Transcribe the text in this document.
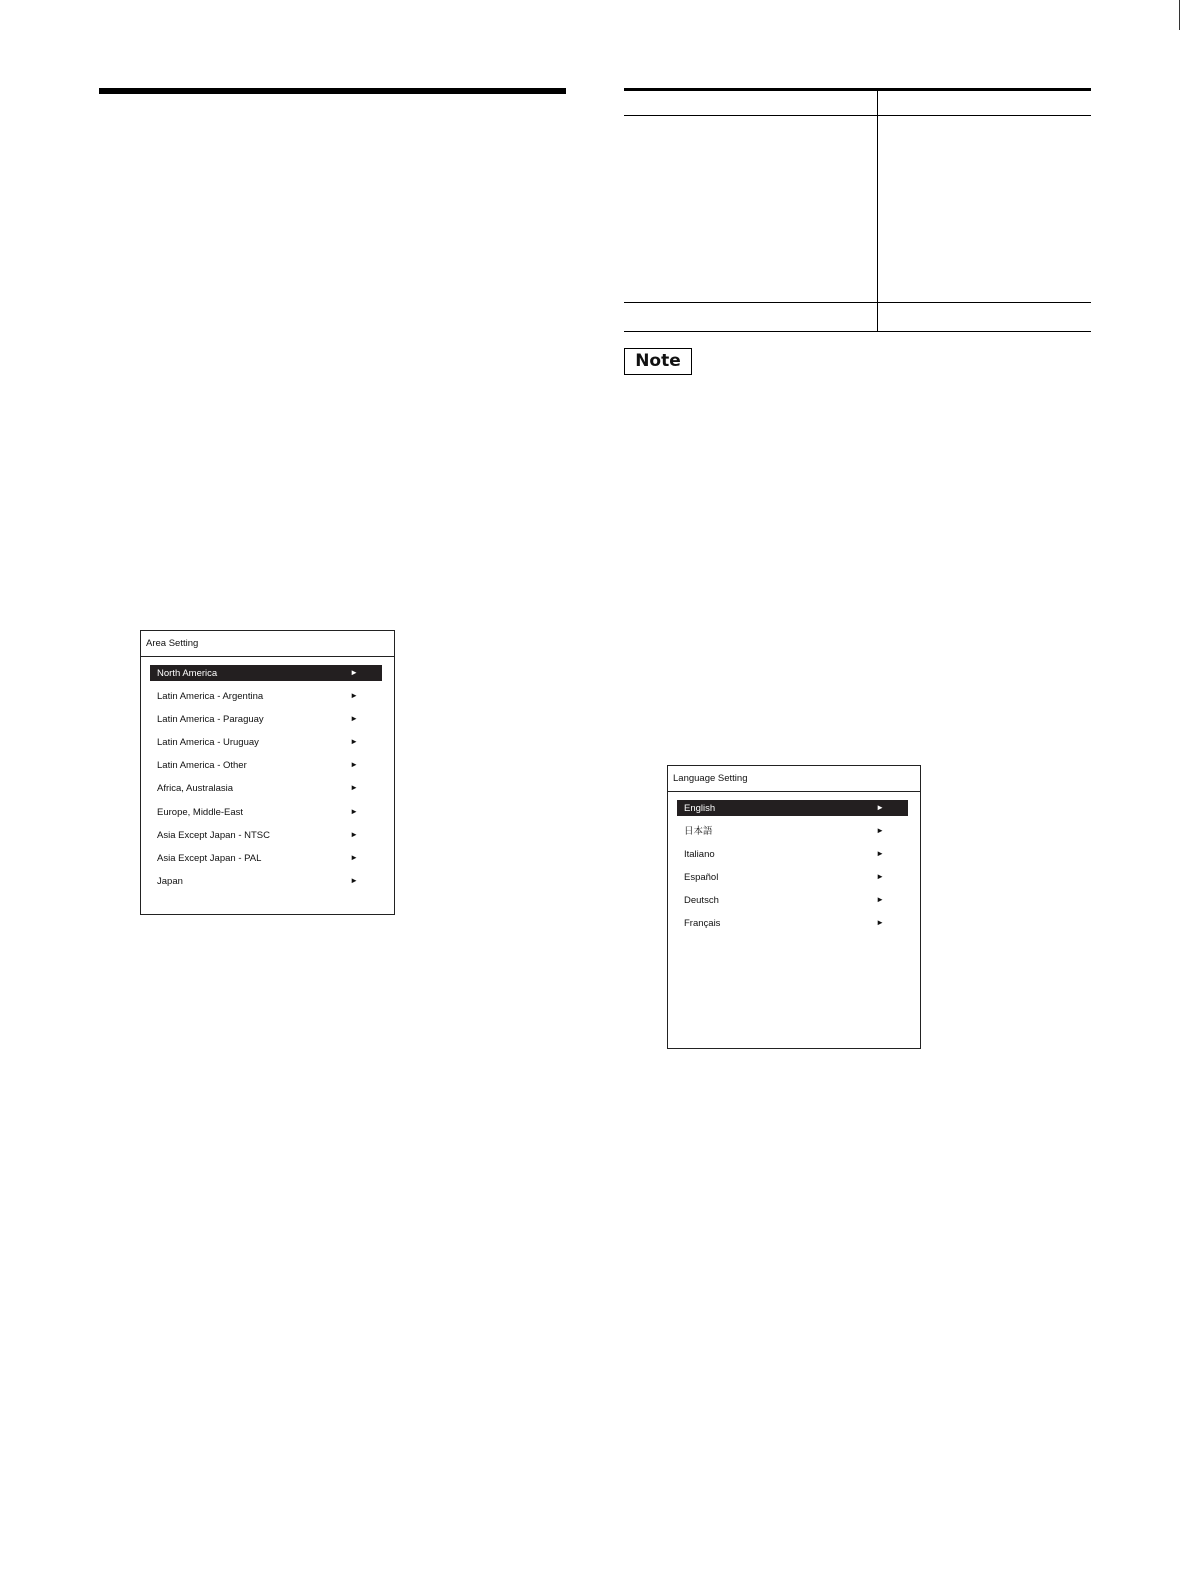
Note
Area Setting
North America	►
Latin America - Argentina	►
Latin America - Paraguay	►
Latin America - Uruguay	►
Latin America - Other	►
Africa, Australasia	►
Europe, Middle-East	►
Asia Except Japan - NTSC	►
Asia Except Japan - PAL	►
Japan	►
Language Setting
English	►
日本語	►
Italiano	►
Español	►
Deutsch	►
Français	►
